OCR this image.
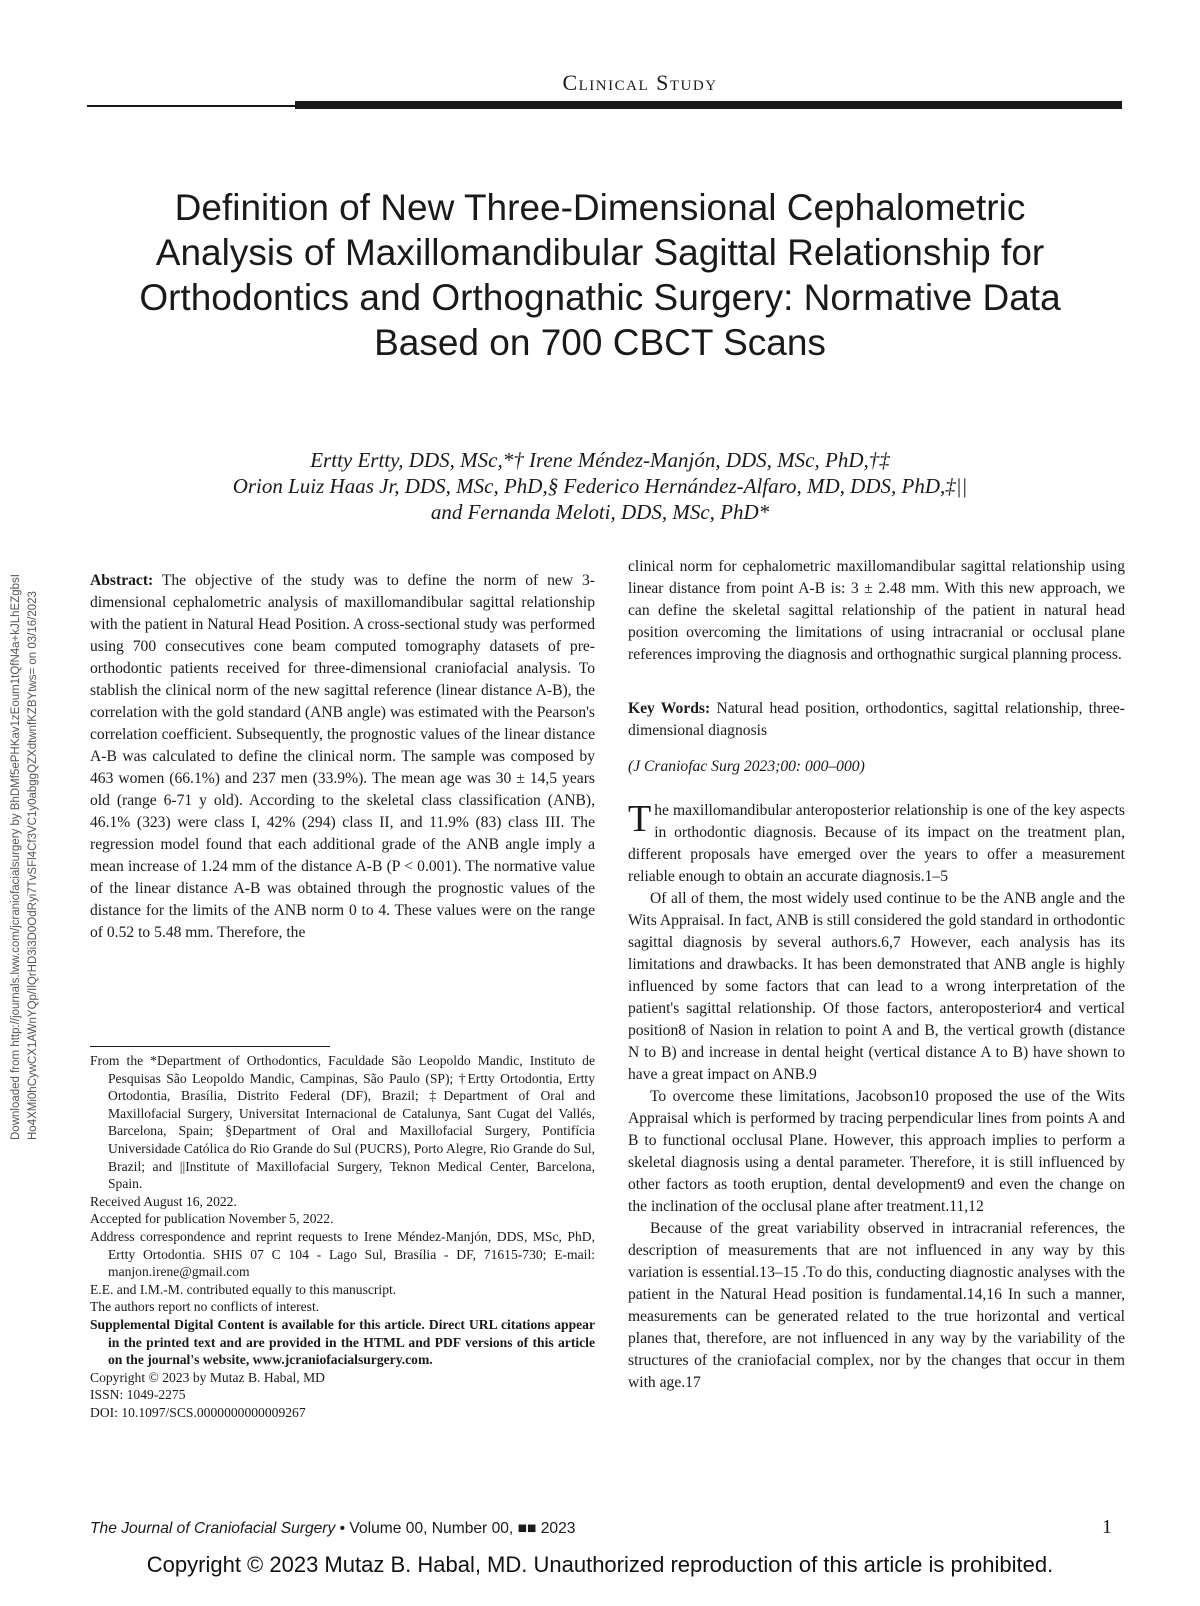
Clinical Study
Downloaded from http://journals.lww.com/jcraniofacialsurgery by BhDMf5ePHKav1zEoum1tQfN4a+kJLhEZgbsI Ho4XMi0hCywCX1AWnYQp/IlQrHD3i3D0OdRyi7TvSFl4Cf3VC1y0abggQZXdtwnfKZBYtws= on 03/16/2023
Definition of New Three-Dimensional Cephalometric Analysis of Maxillomandibular Sagittal Relationship for Orthodontics and Orthognathic Surgery: Normative Data Based on 700 CBCT Scans
Ertty Ertty, DDS, MSc,*† Irene Méndez-Manjón, DDS, MSc, PhD,†‡
Orion Luiz Haas Jr, DDS, MSc, PhD,§ Federico Hernández-Alfaro, MD, DDS, PhD,‡||
and Fernanda Meloti, DDS, MSc, PhD*

Abstract: The objective of the study was to define the norm of new 3-dimensional cephalometric analysis of maxillomandibular sagittal relationship with the patient in Natural Head Position. A cross-sectional study was performed using 700 consecutives cone beam computed tomography datasets of pre-orthodontic patients received for three-dimensional craniofacial analysis. To stablish the clinical norm of the new sagittal reference (linear distance A-B), the correlation with the gold standard (ANB angle) was estimated with the Pearson's correlation coefficient. Subsequently, the prognostic values of the linear distance A-B was calculated to define the clinical norm. The sample was composed by 463 women (66.1%) and 237 men (33.9%). The mean age was 30 ± 14,5 years old (range 6-71 y old). According to the skeletal class classification (ANB), 46.1% (323) were class I, 42% (294) class II, and 11.9% (83) class III. The regression model found that each additional grade of the ANB angle imply a mean increase of 1.24 mm of the distance A-B (P < 0.001). The normative value of the linear distance A-B was obtained through the prognostic values of the distance for the limits of the ANB norm 0 to 4. These values were on the range of 0.52 to 5.48 mm. Therefore, the

From the *Department of Orthodontics, Faculdade São Leopoldo Mandic, Instituto de Pesquisas São Leopoldo Mandic, Campinas, São Paulo (SP); †Ertty Ortodontia, Ertty Ortodontia, Brasília, Distrito Federal (DF), Brazil; ‡Department of Oral and Maxillofacial Surgery, Universitat Internacional de Catalunya, Sant Cugat del Vallés, Barcelona, Spain; §Department of Oral and Maxillofacial Surgery, Pontifícia Universidade Católica do Rio Grande do Sul (PUCRS), Porto Alegre, Rio Grande do Sul, Brazil; and ||Institute of Maxillofacial Surgery, Teknon Medical Center, Barcelona, Spain.

Received August 16, 2022.

Accepted for publication November 5, 2022.

Address correspondence and reprint requests to Irene Méndez-Manjón, DDS, MSc, PhD, Ertty Ortodontia. SHIS 07 C 104 - Lago Sul, Brasília - DF, 71615-730; E-mail: manjon.irene@gmail.com

E.E. and I.M.-M. contributed equally to this manuscript.

The authors report no conflicts of interest.

Supplemental Digital Content is available for this article. Direct URL citations appear in the printed text and are provided in the HTML and PDF versions of this article on the journal's website, www.jcraniofacialsurgery.com.

Copyright © 2023 by Mutaz B. Habal, MD

ISSN: 1049-2275

DOI: 10.1097/SCS.0000000000009267

clinical norm for cephalometric maxillomandibular sagittal relationship using linear distance from point A-B is: 3 ± 2.48 mm. With this new approach, we can define the skeletal sagittal relationship of the patient in natural head position overcoming the limitations of using intracranial or occlusal plane references improving the diagnosis and orthognathic surgical planning process.

Key Words: Natural head position, orthodontics, sagittal relationship, three-dimensional diagnosis

(J Craniofac Surg 2023;00: 000–000)

The maxillomandibular anteroposterior relationship is one of the key aspects in orthodontic diagnosis. Because of its impact on the treatment plan, different proposals have emerged over the years to offer a measurement reliable enough to obtain an accurate diagnosis.1–5

Of all of them, the most widely used continue to be the ANB angle and the Wits Appraisal. In fact, ANB is still considered the gold standard in orthodontic sagittal diagnosis by several authors.6,7 However, each analysis has its limitations and drawbacks. It has been demonstrated that ANB angle is highly influenced by some factors that can lead to a wrong interpretation of the patient's sagittal relationship. Of those factors, anteroposterior4 and vertical position8 of Nasion in relation to point A and B, the vertical growth (distance N to B) and increase in dental height (vertical distance A to B) have shown to have a great impact on ANB.9

To overcome these limitations, Jacobson10 proposed the use of the Wits Appraisal which is performed by tracing perpendicular lines from points A and B to functional occlusal Plane. However, this approach implies to perform a skeletal diagnosis using a dental parameter. Therefore, it is still influenced by other factors as tooth eruption, dental development9 and even the change on the inclination of the occlusal plane after treatment.11,12

Because of the great variability observed in intracranial references, the description of measurements that are not influenced in any way by this variation is essential.13–15 .To do this, conducting diagnostic analyses with the patient in the Natural Head position is fundamental.14,16 In such a manner, measurements can be generated related to the true horizontal and vertical planes that, therefore, are not influenced in any way by the variability of the structures of the craniofacial complex, nor by the changes that occur in them with age.17

The Journal of Craniofacial Surgery • Volume 00, Number 00, ■■ 2023	1
Copyright © 2023 Mutaz B. Habal, MD. Unauthorized reproduction of this article is prohibited.
